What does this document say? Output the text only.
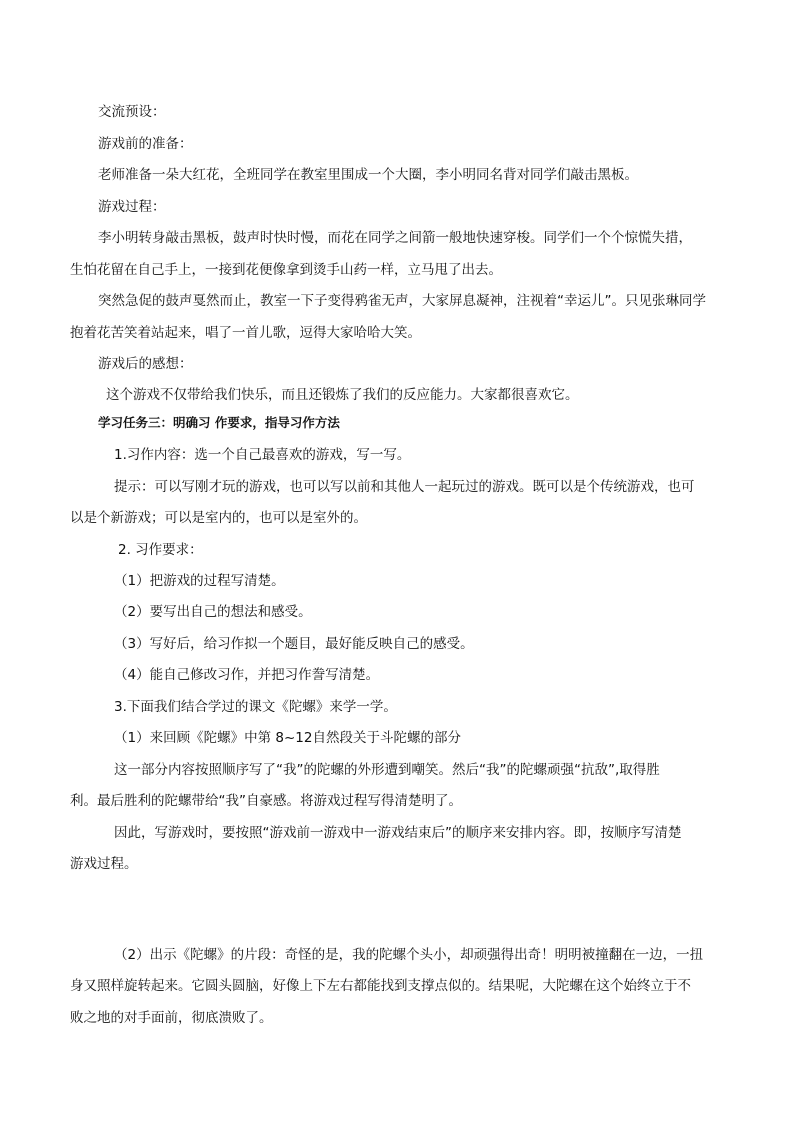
交流预设：
游戏前的准备：
老师准备一朵大红花，全班同学在教室里围成一个大圈，李小明同名背对同学们敲击黑板。
游戏过程：
李小明转身敲击黑板，鼓声时快时慢，而花在同学之间箭一般地快速穿梭。同学们一个个惊慌失措，
生怕花留在自己手上，一接到花便像拿到烫手山药一样，立马甩了出去。
突然急促的鼓声戛然而止，教室一下子变得鸦雀无声，大家屏息凝神，注视着“幸运儿”。只见张琳同学
抱着花苦笑着站起来，唱了一首儿歌，逗得大家哈哈大笑。
游戏后的感想：
这个游戏不仅带给我们快乐，而且还锻炼了我们的反应能力。大家都很喜欢它。
学习任务三：明确习 作要求，指导习作方法
1.习作内容：选一个自己最喜欢的游戏，写一写。
提示：可以写刚才玩的游戏，也可以写以前和其他人一起玩过的游戏。既可以是个传统游戏，也可
以是个新游戏；可以是室内的，也可以是室外的。
2. 习作要求：
（1）把游戏的过程写清楚。
（2）要写出自己的想法和感受。
（3）写好后，给习作拟一个题目，最好能反映自己的感受。
（4）能自己修改习作，并把习作誊写清楚。
3.下面我们结合学过的课文《陀螺》来学一学。
（1）来回顾《陀螺》中第 8~12自然段关于斗陀螺的部分
这一部分内容按照顺序写了“我”的陀螺的外形遭到嘲笑。然后“我”的陀螺顽强“抗敌”,取得胜
利。最后胜利的陀螺带给“我”自豪感。将游戏过程写得清楚明了。
因此，写游戏时，要按照“游戏前一游戏中一游戏结束后”的顺序来安排内容。即，按顺序写清楚
游戏过程。
（2）出示《陀螺》的片段：奇怪的是，我的陀螺个头小，却顽强得出奇！明明被撞翻在一边，一扭
身又照样旋转起来。它圆头圆脑，好像上下左右都能找到支撑点似的。结果呢，大陀螺在这个始终立于不
败之地的对手面前，彻底溃败了。
